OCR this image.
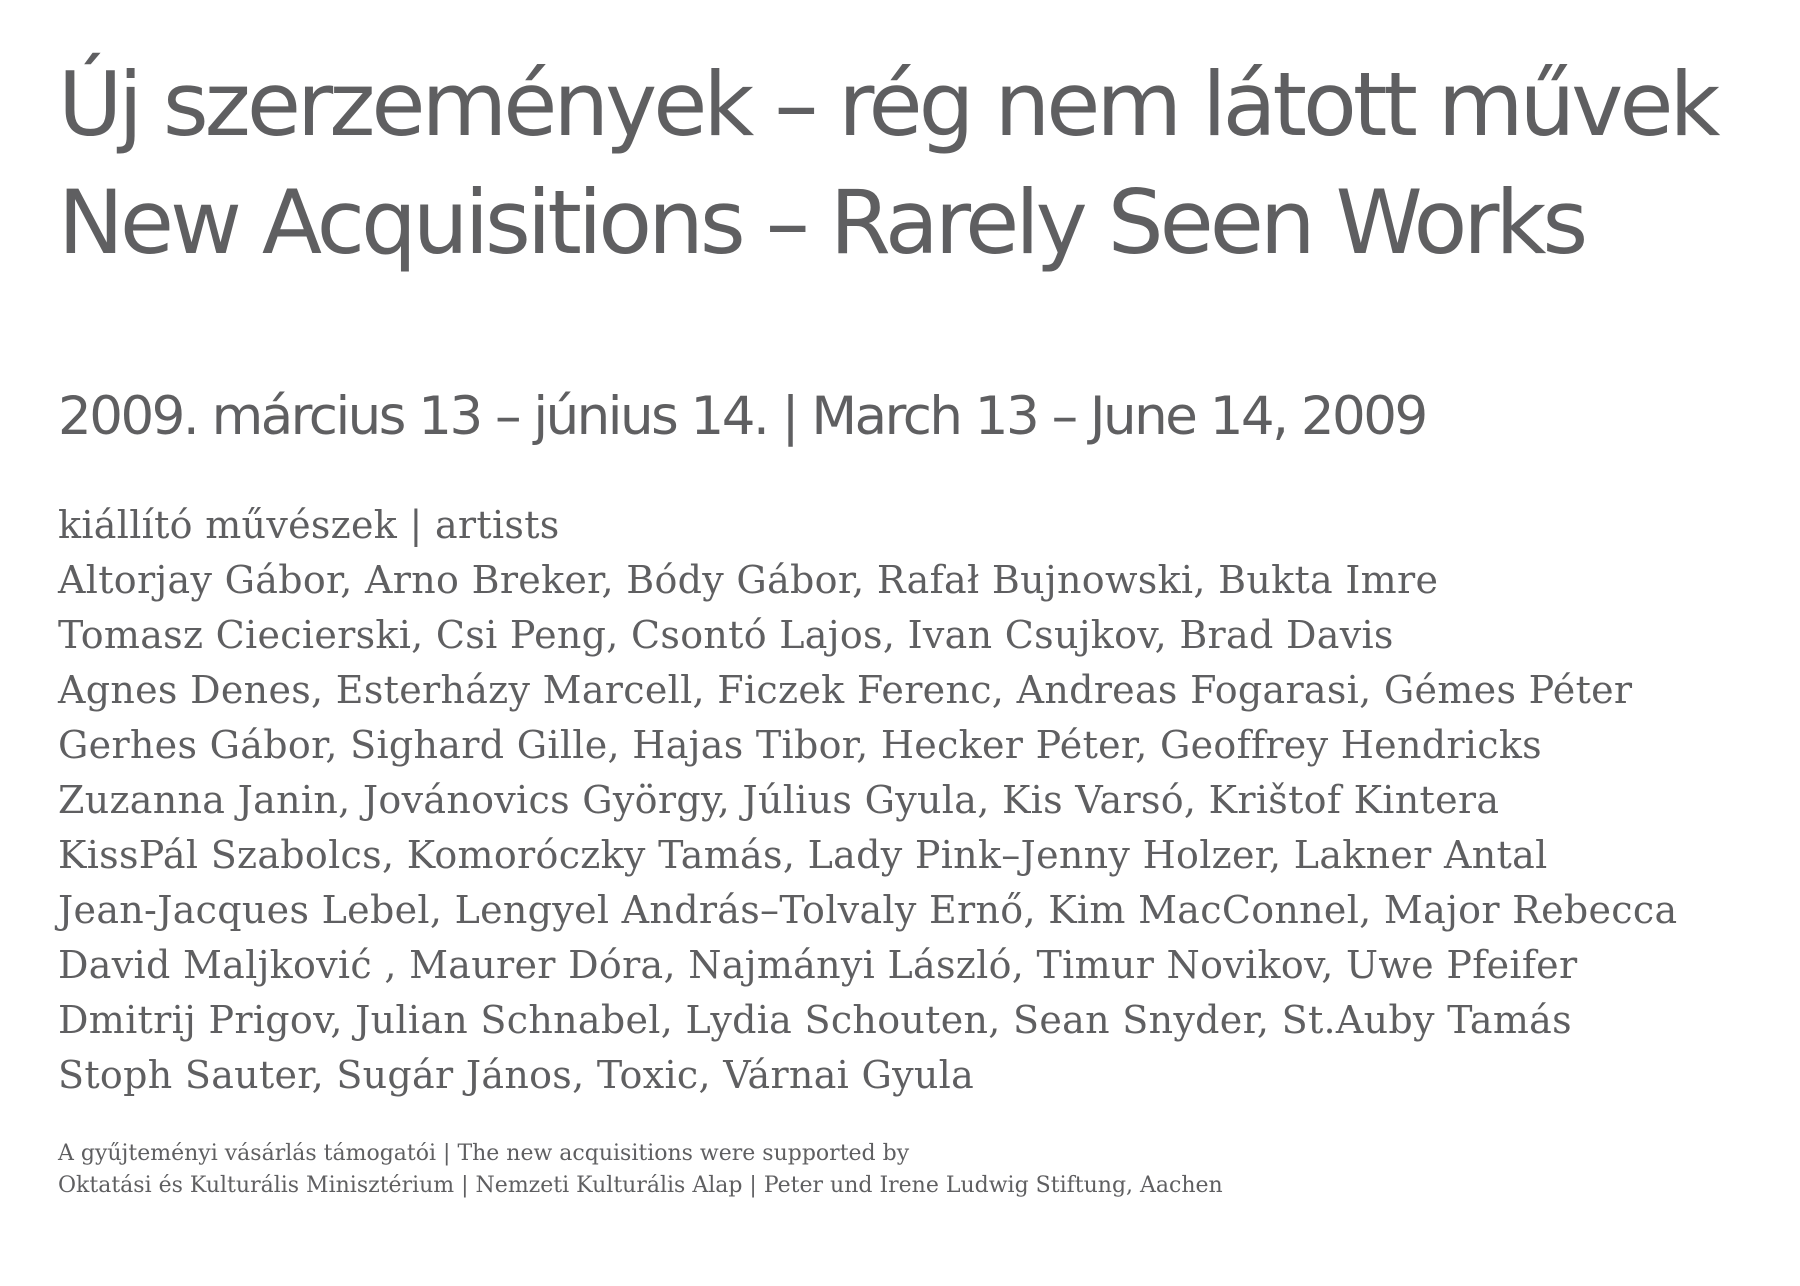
Új szerzemények – rég nem látott művek
New Acquisitions – Rarely Seen Works

2009. március 13 – június 14. | March 13 – June 14, 2009

kiállító művészek | artists
Altorjay Gábor, Arno Breker, Bódy Gábor, Rafał Bujnowski, Bukta Imre
Tomasz Ciecierski, Csi Peng, Csontó Lajos, Ivan Csujkov, Brad Davis
Agnes Denes, Esterházy Marcell, Ficzek Ferenc, Andreas Fogarasi, Gémes Péter
Gerhes Gábor, Sighard Gille, Hajas Tibor, Hecker Péter, Geoffrey Hendricks
Zuzanna Janin, Jovánovics György, Július Gyula, Kis Varsó, Krištof Kintera
KissPál Szabolcs, Komoróczky Tamás, Lady Pink–Jenny Holzer, Lakner Antal
Jean-Jacques Lebel, Lengyel András–Tolvaly Ernő, Kim MacConnel, Major Rebecca
David Maljković , Maurer Dóra, Najmányi László, Timur Novikov, Uwe Pfeifer
Dmitrij Prigov, Julian Schnabel, Lydia Schouten, Sean Snyder, St.Auby Tamás
Stoph Sauter, Sugár János, Toxic, Várnai Gyula
A gyűjteményi vásárlás támogatói | The new acquisitions were supported by
Oktatási és Kulturális Minisztérium | Nemzeti Kulturális Alap | Peter und Irene Ludwig Stiftung, Aachen
